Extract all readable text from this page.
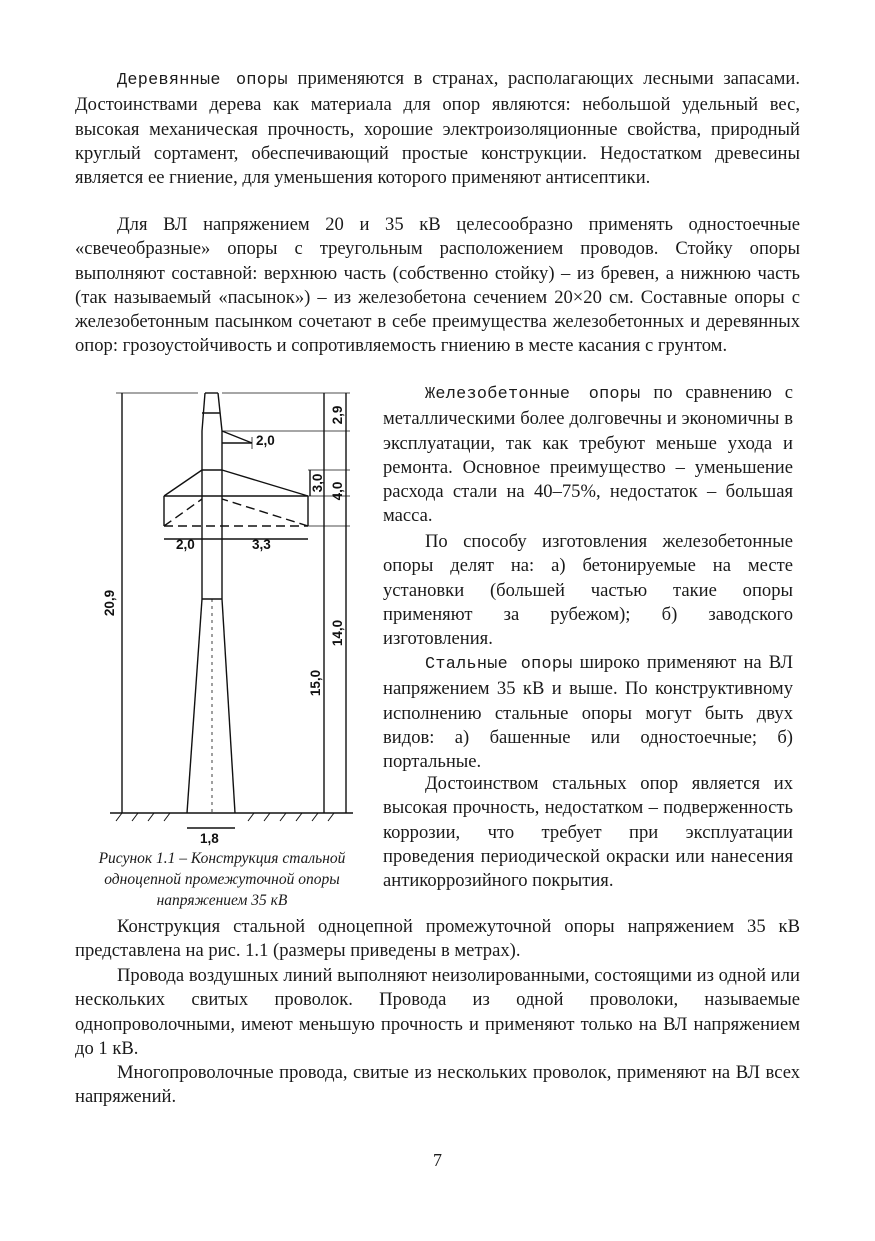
Деревянные опоры применяются в странах, располагающих лесными запасами. Достоинствами дерева как материала для опор являются: небольшой удельный вес, высокая механическая прочность, хорошие электроизоляционные свойства, природный круглый сортамент, обеспечивающий простые конструкции. Недостатком древесины является ее гниение, для уменьшения которого применяют антисептики.

Для ВЛ напряжением 20 и 35 кВ целесообразно применять одностоечные «свечеобразные» опоры с треугольным расположением проводов. Стойку опоры выполняют составной: верхнюю часть (собственно стойку) – из бревен, а нижнюю часть (так называемый «пасынок») – из железобетона сечением 20×20 см. Составные опоры с железобетонным пасынком сочетают в себе преимущества железобетонных и деревянных опор: грозоустойчивость и сопротивляемость гниению в месте касания с грунтом.

20,9
2,9
2,0
3,0 4,0
2,0	3,3
15,0
14,0
1,8

Рисунок 1.1 – Конструкция стальной одноцепной промежуточной опоры напряжением 35 кВ

Железобетонные опоры по сравнению с металлическими более долговечны и экономичны в эксплуатации, так как требуют меньше ухода и ремонта. Основное преимущество – уменьшение расхода стали на 40–75%, недостаток – большая масса.

По способу изготовления железобетонные опоры делят на: а) бетонируемые на месте установки (большей частью такие опоры применяют за рубежом); б) заводского изготовления.

Стальные опоры широко применяют на ВЛ напряжением 35 кВ и выше. По конструктивному исполнению стальные опоры могут быть двух видов: а) башенные или одностоечные; б) портальные.

Достоинством стальных опор является их высокая прочность, недостатком – подверженность коррозии, что требует при эксплуатации проведения периодической окраски или нанесения антикоррозийного покрытия.

Конструкция стальной одноцепной промежуточной опоры напряжением 35 кВ представлена на рис. 1.1 (размеры приведены в метрах).

Провода воздушных линий выполняют неизолированными, состоящими из одной или нескольких свитых проволок. Провода из одной проволоки, называемые однопроволочными, имеют меньшую прочность и применяют только на ВЛ напряжением до 1 кВ.

Многопроволочные провода, свитые из нескольких проволок, применяют на ВЛ всех напряжений.

7
